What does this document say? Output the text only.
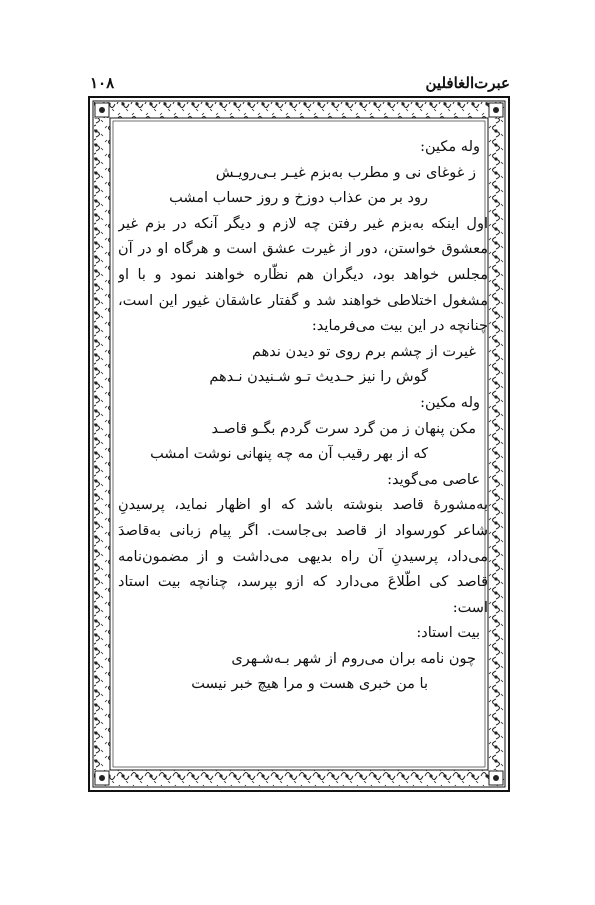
عبرت‌الغافلین
۱۰۸
وله مکین:
ز غوغای نی و مطرب به‌بزم غیـر بـی‌رویـش
رود بر من عذاب دوزخ و روز حساب امشب
اول اینکه به‌بزم غیر رفتن چه لازم و دیگر آنکه در بزم غیر
معشوق خواستن، دور از غیرت عشق است و هرگاه او در آن
مجلس خواهد بود، دیگران هم نظّاره خواهند نمود و با او
مشغول اختلاطی خواهند شد و گفتار عاشقان غیور این است،
چنانچه در این بیت می‌فرماید:
غیرت از چشم برم روی تو دیدن ندهم
گوش را نیز حـدیث تـو شـنیدن نـدهم
وله مکین:
مکن پنهان ز من گرد سرت گردم بگـو قاصـد
که از بهر رقیب آن مه چه پنهانی نوشت امشب
عاصی می‌گوید:
به‌مشورهٔ قاصد بنوشته باشد که او اظهار نماید، پرسیدنِ
شاعر کورسواد از قاصد بی‌جاست. اگر پیام زبانی به‌قاصدَ
می‌داد، پرسیدنِ آن راه بدیهی می‌داشت و از مضمون‌نامه
قاصد کی اطّلاعَ می‌دارد که ازو بپرسد، چنانچه بیت استاد
است:
بیت استاد:
چون نامه بران می‌روم از شهر بـه‌شـهری
با من خبری هست و مرا هیچ خبر نیست
